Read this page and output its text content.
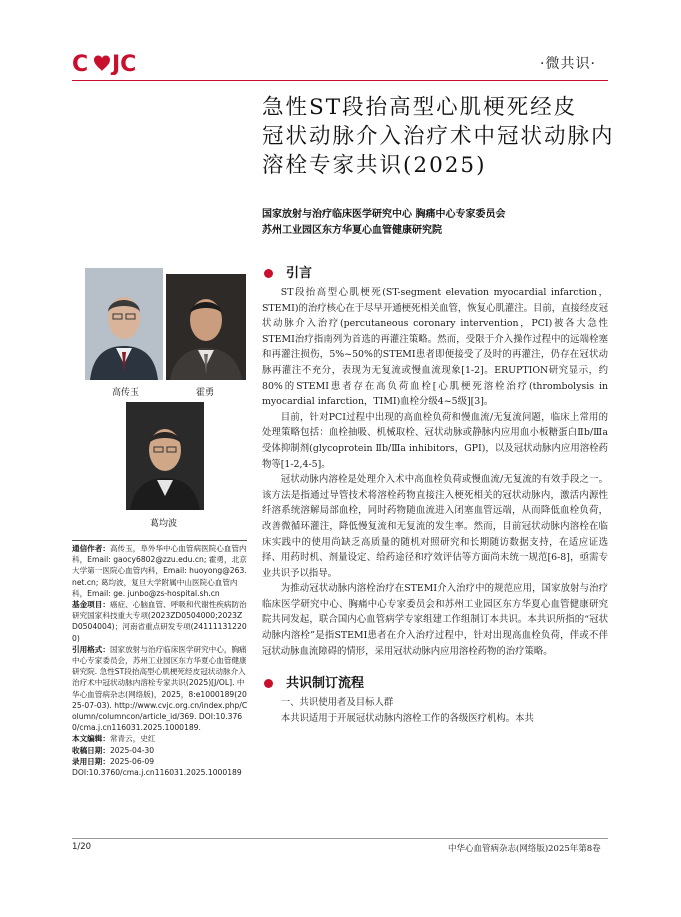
C JC	·微共识·
急性ST段抬高型心肌梗死经皮
冠状动脉介入治疗术中冠状动脉内
溶栓专家共识(2025)
国家放射与治疗临床医学研究中心 胸痛中心专家委员会
苏州工业园区东方华夏心血管健康研究院
高传玉	霍勇
葛均波
通信作者：高传玉，阜外华中心血管病医院心血管内科，Email: gaocy6802@zzu.edu.cn; 霍勇，北京大学第一医院心血管内科，Email: huoyong@263.net.cn; 葛均波，复旦大学附属中山医院心血管内科，Email: ge. junbo@zs-hospital.sh.cn
基金项目：癌症、心脑血管、呼吸和代谢性疾病防治研究国家科技重大专项(2023ZD0504000;2023ZD0504004)；河南省重点研发专项(241111312200)
引用格式：国家放射与治疗临床医学研究中心，胸痛中心专家委员会，苏州工业园区东方华夏心血管健康研究院. 急性ST段抬高型心肌梗死经皮冠状动脉介入治疗术中冠状动脉内溶栓专家共识(2025)[J/OL]. 中华心血管病杂志(网络版)，2025，8:e1000189(2025-07-03). http://www.cvjc.org.cn/index.php/Column/columncon/article_id/369. DOI:10.3760/cma.j.cn116031.2025.1000189.
本文编辑：常青云，史红
收稿日期：2025-04-30
录用日期：2025-06-09
DOI:10.3760/cma.j.cn116031.2025.1000189
引言

ST段抬高型心肌梗死(ST-segment elevation myocardial infarction，STEMI)的治疗核心在于尽早开通梗死相关血管，恢复心肌灌注。目前，直接经皮冠状动脉介入治疗(percutaneous coronary intervention，PCI)被各大急性STEMI治疗指南列为首选的再灌注策略。然而，受限于介入操作过程中的远端栓塞和再灌注损伤，5%~50%的STEMI患者即便接受了及时的再灌注，仍存在冠状动脉再灌注不充分，表现为无复流或慢血流现象[1-2]。ERUPTION研究显示，约80%的STEMI患者存在高负荷血栓[心肌梗死溶栓治疗(thrombolysis in myocardial infarction，TIMI)血栓分级4~5级][3]。

目前，针对PCI过程中出现的高血栓负荷和慢血流/无复流问题，临床上常用的处理策略包括：血栓抽吸、机械取栓、冠状动脉或静脉内应用血小板糖蛋白Ⅱb/Ⅲa受体抑制剂(glycoprotein Ⅱb/Ⅲa inhibitors，GPI)，以及冠状动脉内应用溶栓药物等[1-2,4-5]。

冠状动脉内溶栓是处理介入术中高血栓负荷或慢血流/无复流的有效手段之一。该方法是指通过导管技术将溶栓药物直接注入梗死相关的冠状动脉内，激活内源性纤溶系统溶解局部血栓，同时药物随血流进入闭塞血管远端，从而降低血栓负荷，改善微循环灌注，降低慢复流和无复流的发生率。然而，目前冠状动脉内溶栓在临床实践中的使用尚缺乏高质量的随机对照研究和长期随访数据支持，在适应证选择、用药时机、剂量设定、给药途径和疗效评估等方面尚未统一规范[6-8]，亟需专业共识予以指导。

为推动冠状动脉内溶栓治疗在STEMI介入治疗中的规范应用，国家放射与治疗临床医学研究中心、胸痛中心专家委员会和苏州工业园区东方华夏心血管健康研究院共同发起，联合国内心血管病学专家组建工作组制订本共识。本共识所指的“冠状动脉内溶栓”是指STEMI患者在介入治疗过程中，针对出现高血栓负荷，伴或不伴冠状动脉血流障碍的情形，采用冠状动脉内应用溶栓药物的治疗策略。

共识制订流程

一、共识使用者及目标人群

本共识适用于开展冠状动脉内溶栓工作的各级医疗机构。本共

1/20	中华心血管病杂志(网络版)2025年第8卷
